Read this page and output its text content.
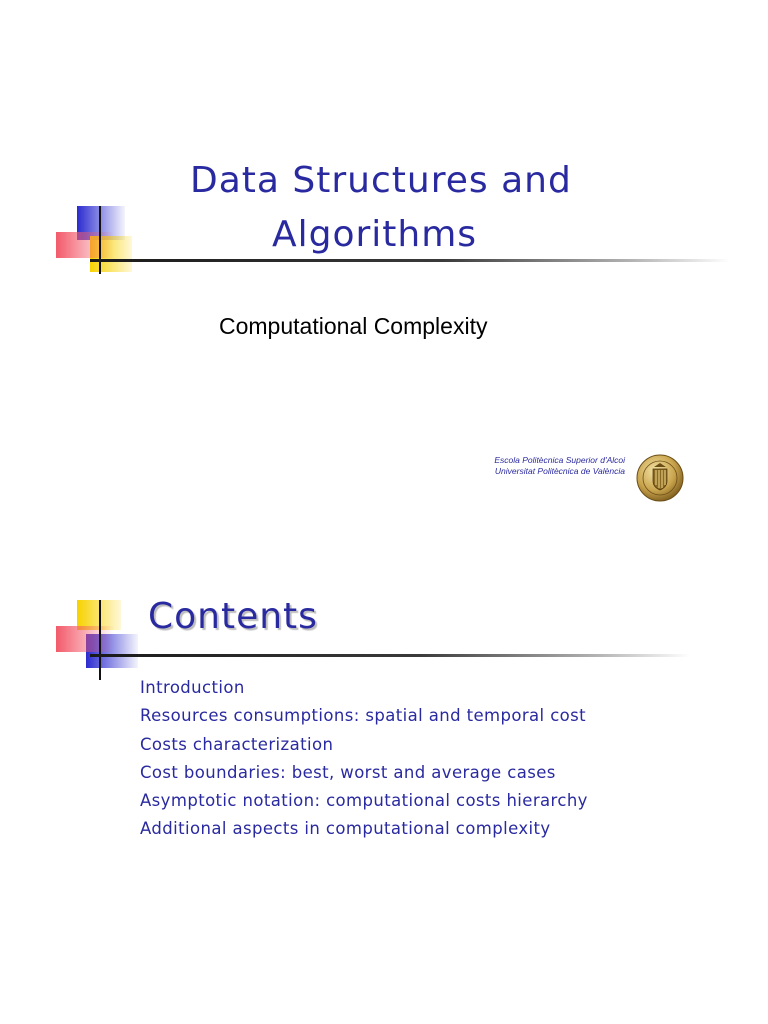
Data Structures and
Algorithms
Computational Complexity
Escola Politècnica Superior d'Alcoi
Universitat Politècnica de València
Contents
Introduction
Resources consumptions: spatial and temporal cost
Costs characterization
Cost boundaries: best, worst and average cases
Asymptotic notation: computational costs hierarchy
Additional aspects in computational complexity
